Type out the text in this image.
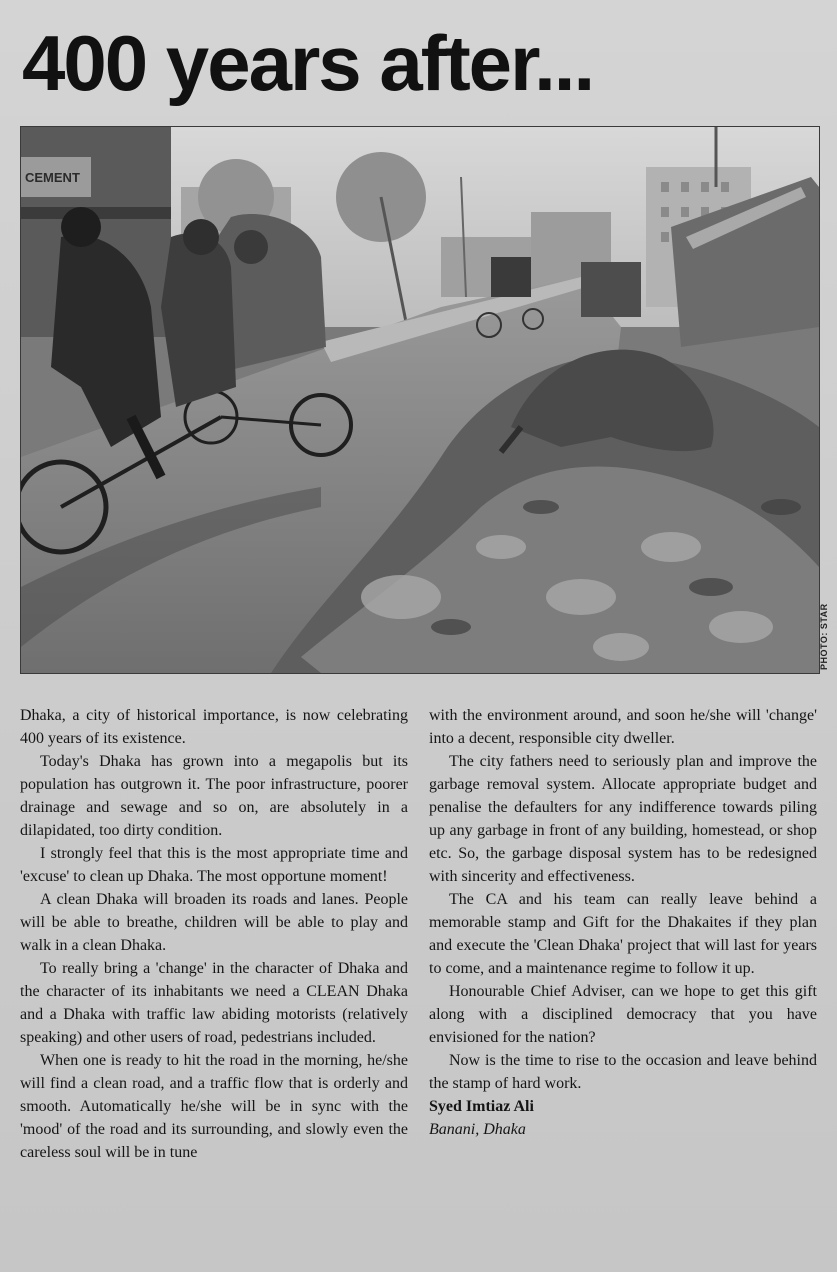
400 years after...
CEMENT
PHOTO: STAR

Dhaka, a city of historical importance, is now celebrating 400 years of its existence.

Today's Dhaka has grown into a megapolis but its population has outgrown it. The poor infrastructure, poorer drainage and sewage and so on, are absolutely in a dilapidated, too dirty condition.

I strongly feel that this is the most appropriate time and 'excuse' to clean up Dhaka. The most opportune moment!

A clean Dhaka will broaden its roads and lanes. People will be able to breathe, children will be able to play and walk in a clean Dhaka.

To really bring a 'change' in the character of Dhaka and the character of its inhabitants we need a CLEAN Dhaka and a Dhaka with traffic law abiding motorists (relatively speaking) and other users of road, pedestrians included.

When one is ready to hit the road in the morning, he/she will find a clean road, and a traffic flow that is orderly and smooth. Automatically he/she will be in sync with the 'mood' of the road and its surrounding, and slowly even the careless soul will be in tune

with the environment around, and soon he/she will 'change' into a decent, responsible city dweller.

The city fathers need to seriously plan and improve the garbage removal system. Allocate appropriate budget and penalise the defaulters for any indifference towards piling up any garbage in front of any building, homestead, or shop etc. So, the garbage disposal system has to be redesigned with sincerity and effectiveness.

The CA and his team can really leave behind a memorable stamp and Gift for the Dhakaites if they plan and execute the 'Clean Dhaka' project that will last for years to come, and a maintenance regime to follow it up.

Honourable Chief Adviser, can we hope to get this gift along with a disciplined democracy that you have envisioned for the nation?

Now is the time to rise to the occasion and leave behind the stamp of hard work.

Syed Imtiaz Ali

Banani, Dhaka
